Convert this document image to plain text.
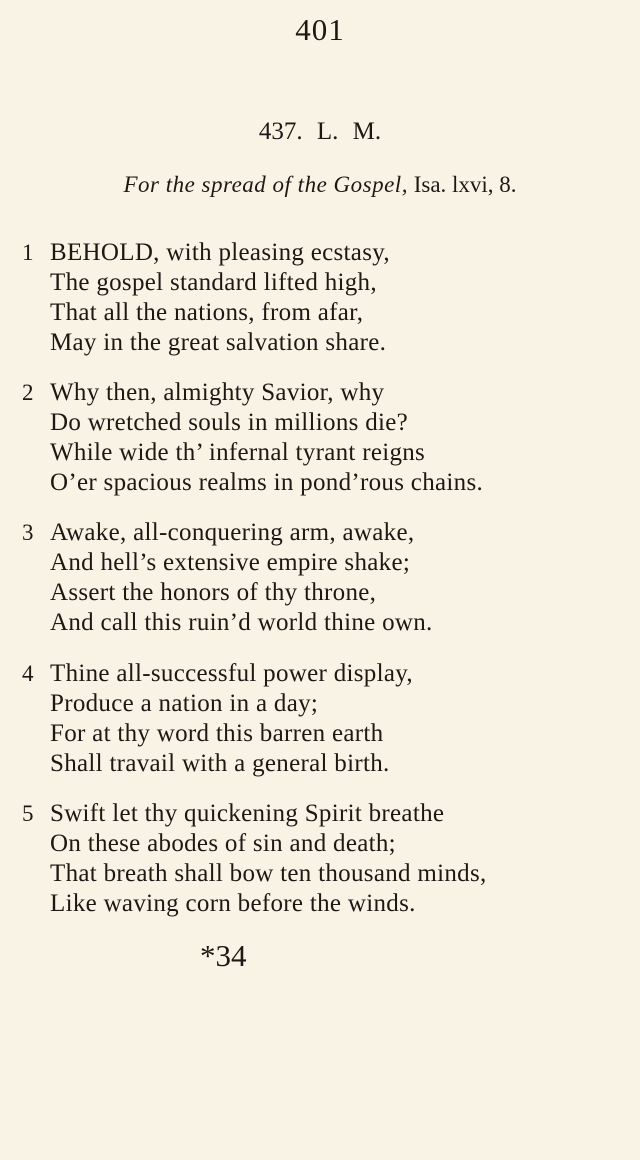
401
437. L. M.
For the spread of the Gospel, Isa. lxvi, 8.
1 BEHOLD, with pleasing ecstasy,
The gospel standard lifted high,
That all the nations, from afar,
May in the great salvation share.
2 Why then, almighty Savior, why
Do wretched souls in millions die?
While wide th’ infernal tyrant reigns
O’er spacious realms in pond’rous chains.
3 Awake, all-conquering arm, awake,
And hell’s extensive empire shake;
Assert the honors of thy throne,
And call this ruin’d world thine own.
4 Thine all-successful power display,
Produce a nation in a day;
For at thy word this barren earth
Shall travail with a general birth.
5 Swift let thy quickening Spirit breathe
On these abodes of sin and death;
That breath shall bow ten thousand minds,
Like waving corn before the winds.
*34
